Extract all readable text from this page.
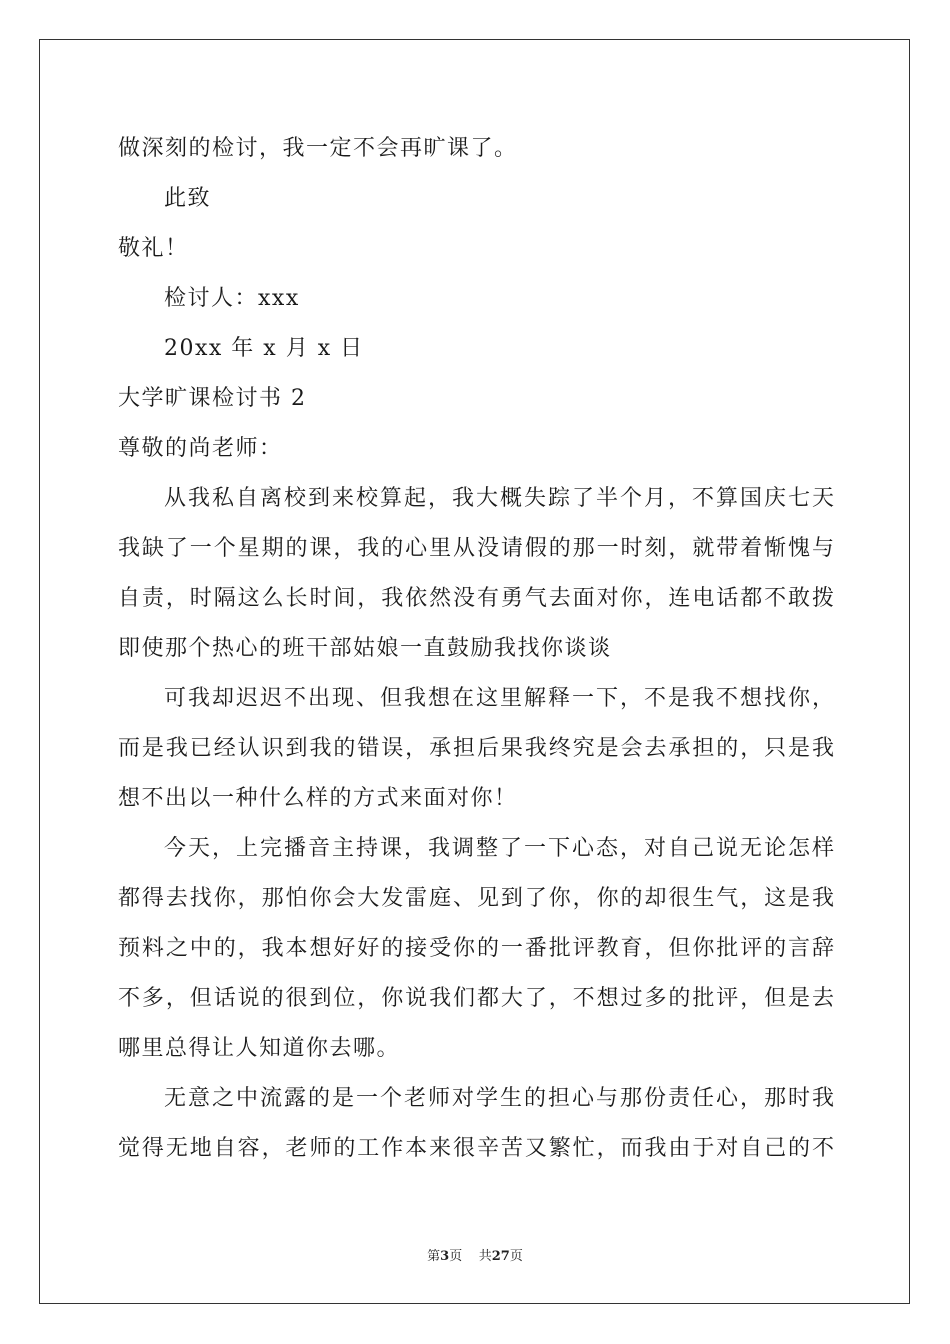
做深刻的检讨，我一定不会再旷课了。
此致
敬礼！
检讨人：xxx
20xx 年 x 月 x 日
大学旷课检讨书 2
尊敬的尚老师：
从我私自离校到来校算起，我大概失踪了半个月，不算国庆七天
我缺了一个星期的课，我的心里从没请假的那一时刻，就带着惭愧与
自责，时隔这么长时间，我依然没有勇气去面对你，连电话都不敢拨
即使那个热心的班干部姑娘一直鼓励我找你谈谈
可我却迟迟不出现、但我想在这里解释一下，不是我不想找你，
而是我已经认识到我的错误，承担后果我终究是会去承担的，只是我
想不出以一种什么样的方式来面对你！
今天，上完播音主持课，我调整了一下心态，对自己说无论怎样
都得去找你，那怕你会大发雷庭、见到了你，你的却很生气，这是我
预料之中的，我本想好好的接受你的一番批评教育，但你批评的言辞
不多，但话说的很到位，你说我们都大了，不想过多的批评，但是去
哪里总得让人知道你去哪。
无意之中流露的是一个老师对学生的担心与那份责任心，那时我
觉得无地自容，老师的工作本来很辛苦又繁忙，而我由于对自己的不
第3页 共27页
